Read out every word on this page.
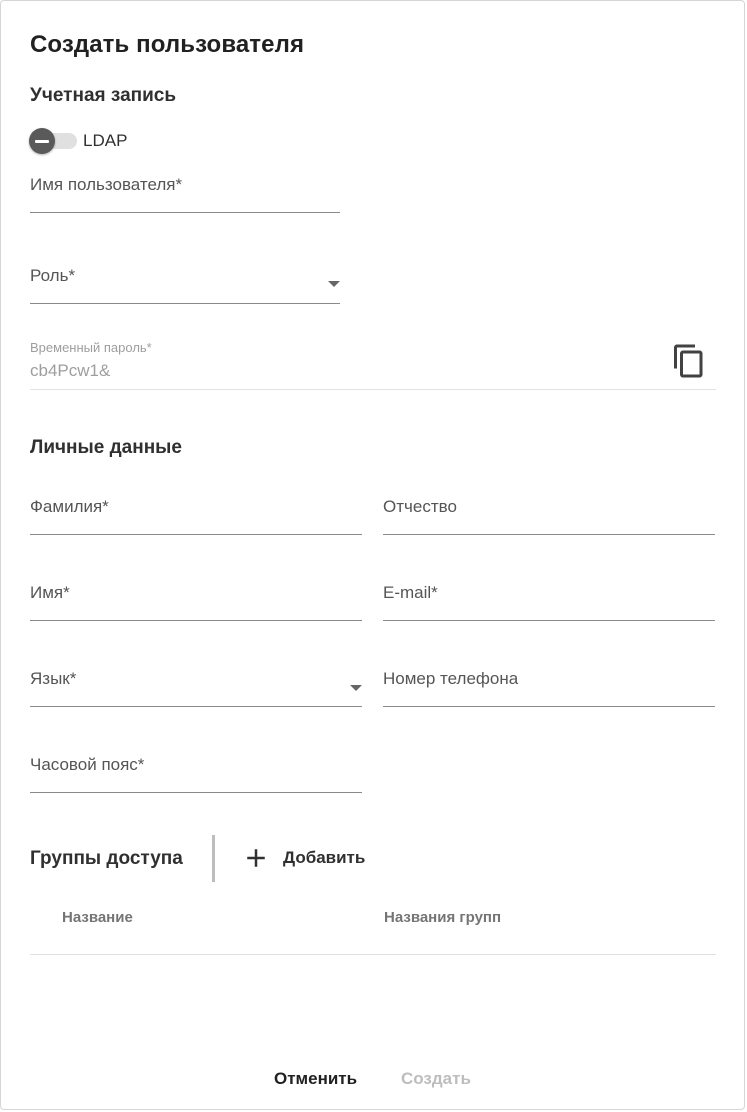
Создать пользователя
Учетная запись
LDAP
Имя пользователя*
Роль*
Временный пароль*
cb4Pcw1&
Личные данные
Фамилия*	Отчество
Имя*	E-mail*
Язык*	Номер телефона
Часовой пояс*
Группы доступа	Добавить
Название	Названия групп
Отменить	Создать
